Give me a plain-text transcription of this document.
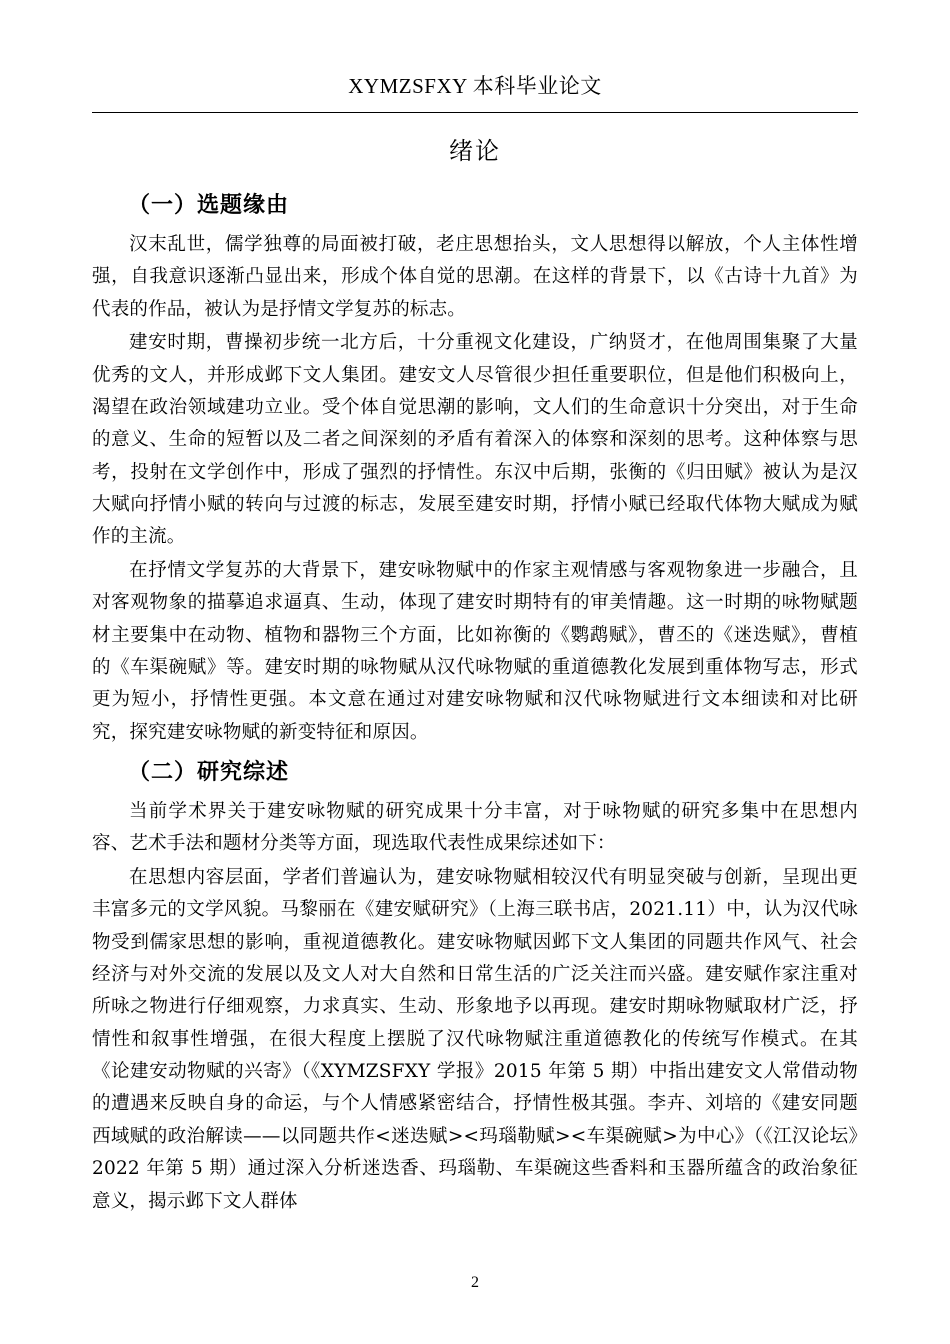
XYMZSFXY 本科毕业论文
绪论
（一）选题缘由

汉末乱世，儒学独尊的局面被打破，老庄思想抬头，文人思想得以解放，个人主体性增强，自我意识逐渐凸显出来，形成个体自觉的思潮。在这样的背景下，以《古诗十九首》为代表的作品，被认为是抒情文学复苏的标志。

建安时期，曹操初步统一北方后，十分重视文化建设，广纳贤才，在他周围集聚了大量优秀的文人，并形成邺下文人集团。建安文人尽管很少担任重要职位，但是他们积极向上，渴望在政治领域建功立业。受个体自觉思潮的影响，文人们的生命意识十分突出，对于生命的意义、生命的短暂以及二者之间深刻的矛盾有着深入的体察和深刻的思考。这种体察与思考，投射在文学创作中，形成了强烈的抒情性。东汉中后期，张衡的《归田赋》被认为是汉大赋向抒情小赋的转向与过渡的标志，发展至建安时期，抒情小赋已经取代体物大赋成为赋作的主流。

在抒情文学复苏的大背景下，建安咏物赋中的作家主观情感与客观物象进一步融合，且对客观物象的描摹追求逼真、生动，体现了建安时期特有的审美情趣。这一时期的咏物赋题材主要集中在动物、植物和器物三个方面，比如祢衡的《鹦鹉赋》，曹丕的《迷迭赋》，曹植的《车渠碗赋》等。建安时期的咏物赋从汉代咏物赋的重道德教化发展到重体物写志，形式更为短小，抒情性更强。本文意在通过对建安咏物赋和汉代咏物赋进行文本细读和对比研究，探究建安咏物赋的新变特征和原因。

（二）研究综述

当前学术界关于建安咏物赋的研究成果十分丰富，对于咏物赋的研究多集中在思想内容、艺术手法和题材分类等方面，现选取代表性成果综述如下：

在思想内容层面，学者们普遍认为，建安咏物赋相较汉代有明显突破与创新，呈现出更丰富多元的文学风貌。马黎丽在《建安赋研究》（上海三联书店，2021.11）中，认为汉代咏物受到儒家思想的影响，重视道德教化。建安咏物赋因邺下文人集团的同题共作风气、社会经济与对外交流的发展以及文人对大自然和日常生活的广泛关注而兴盛。建安赋作家注重对所咏之物进行仔细观察，力求真实、生动、形象地予以再现。建安时期咏物赋取材广泛，抒情性和叙事性增强，在很大程度上摆脱了汉代咏物赋注重道德教化的传统写作模式。在其《论建安动物赋的兴寄》（《XYMZSFXY 学报》2015 年第 5 期）中指出建安文人常借动物的遭遇来反映自身的命运，与个人情感紧密结合，抒情性极其强。李卉、刘培的《建安同题西域赋的政治解读——以同题共作<迷迭赋><玛瑙勒赋><车渠碗赋>为中心》（《江汉论坛》2022 年第 5 期）通过深入分析迷迭香、玛瑙勒、车渠碗这些香料和玉器所蕴含的政治象征意义，揭示邺下文人群体

2
